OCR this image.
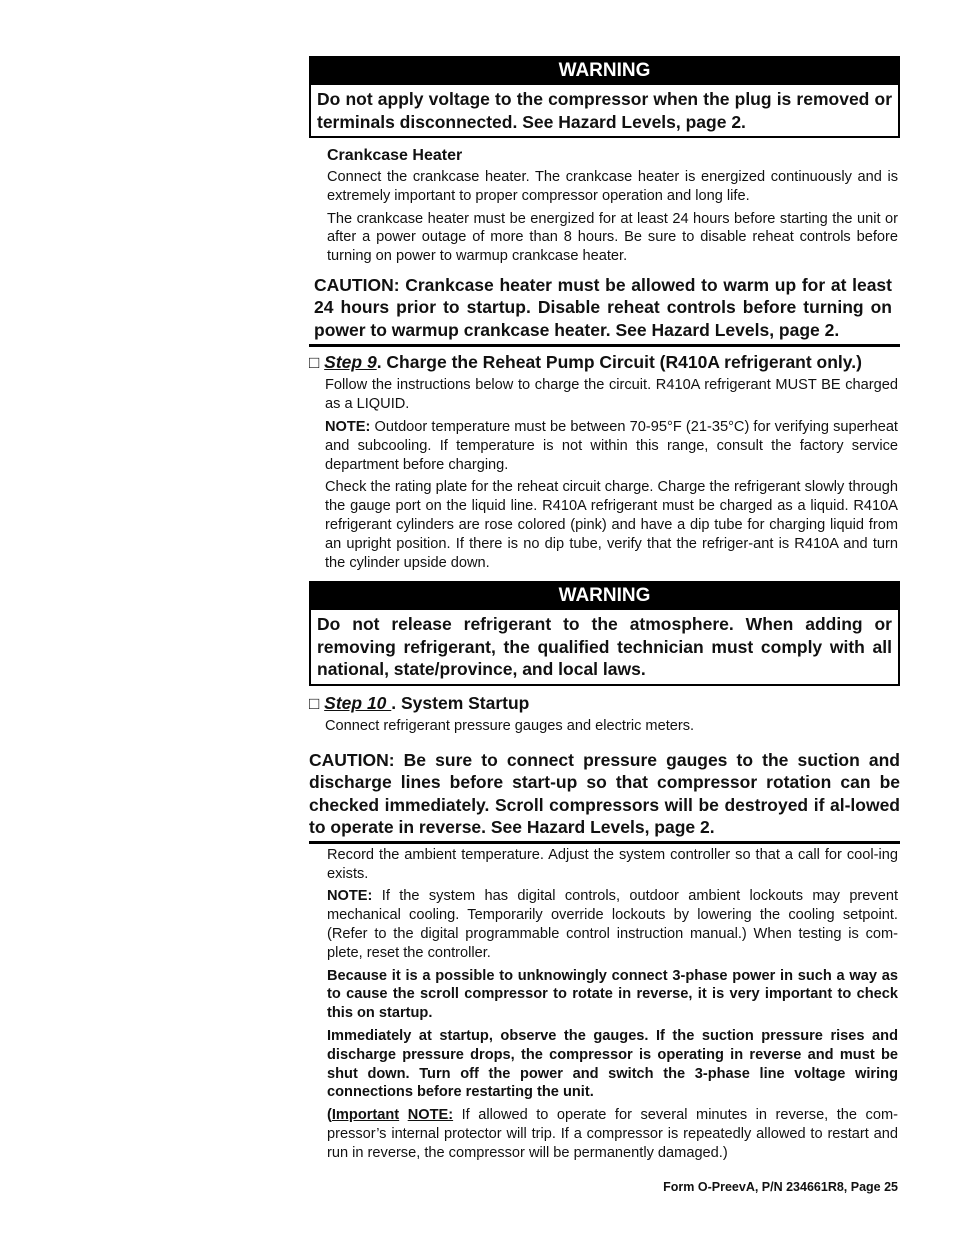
WARNING
Do not apply voltage to the compressor when the plug is removed or terminals disconnected. See Hazard Levels, page 2.
Crankcase Heater

Connect the crankcase heater. The crankcase heater is energized continuously and is extremely important to proper compressor operation and long life.

The crankcase heater must be energized for at least 24 hours before starting the unit or after a power outage of more than 8 hours. Be sure to disable reheat controls before turning on power to warmup crankcase heater.

CAUTION: Crankcase heater must be allowed to warm up for at least 24 hours prior to startup. Disable reheat controls before turning on power to warmup crankcase heater. See Hazard Levels, page 2.
□ Step 9. Charge the Reheat Pump Circuit (R410A refrigerant only.)

Follow the instructions below to charge the circuit. R410A refrigerant MUST BE charged as a LIQUID.

NOTE: Outdoor temperature must be between 70-95°F (21-35°C) for verifying superheat and subcooling. If temperature is not within this range, consult the factory service department before charging.

Check the rating plate for the reheat circuit charge. Charge the refrigerant slowly through the gauge port on the liquid line. R410A refrigerant must be charged as a liquid. R410A refrigerant cylinders are rose colored (pink) and have a dip tube for charging liquid from an upright position. If there is no dip tube, verify that the refriger-ant is R410A and turn the cylinder upside down.

WARNING
Do not release refrigerant to the atmosphere. When adding or removing refrigerant, the qualified technician must comply with all national, state/province, and local laws.
□ Step 10 . System Startup

Connect refrigerant pressure gauges and electric meters.

CAUTION: Be sure to connect pressure gauges to the suction and discharge lines before start-up so that compressor rotation can be checked immediately. Scroll compressors will be destroyed if al-lowed to operate in reverse. See Hazard Levels, page 2.

Record the ambient temperature. Adjust the system controller so that a call for cool-ing exists.

NOTE: If the system has digital controls, outdoor ambient lockouts may prevent mechanical cooling. Temporarily override lockouts by lowering the cooling setpoint. (Refer to the digital programmable control instruction manual.) When testing is com-plete, reset the controller.

Because it is a possible to unknowingly connect 3-phase power in such a way as to cause the scroll compressor to rotate in reverse, it is very important to check this on startup.

Immediately at startup, observe the gauges. If the suction pressure rises and discharge pressure drops, the compressor is operating in reverse and must be shut down. Turn off the power and switch the 3-phase line voltage wiring connections before restarting the unit.

(Important NOTE: If allowed to operate for several minutes in reverse, the com-pressor’s internal protector will trip. If a compressor is repeatedly allowed to restart and run in reverse, the compressor will be permanently damaged.)

Form O-PreevA, P/N 234661R8, Page 25
